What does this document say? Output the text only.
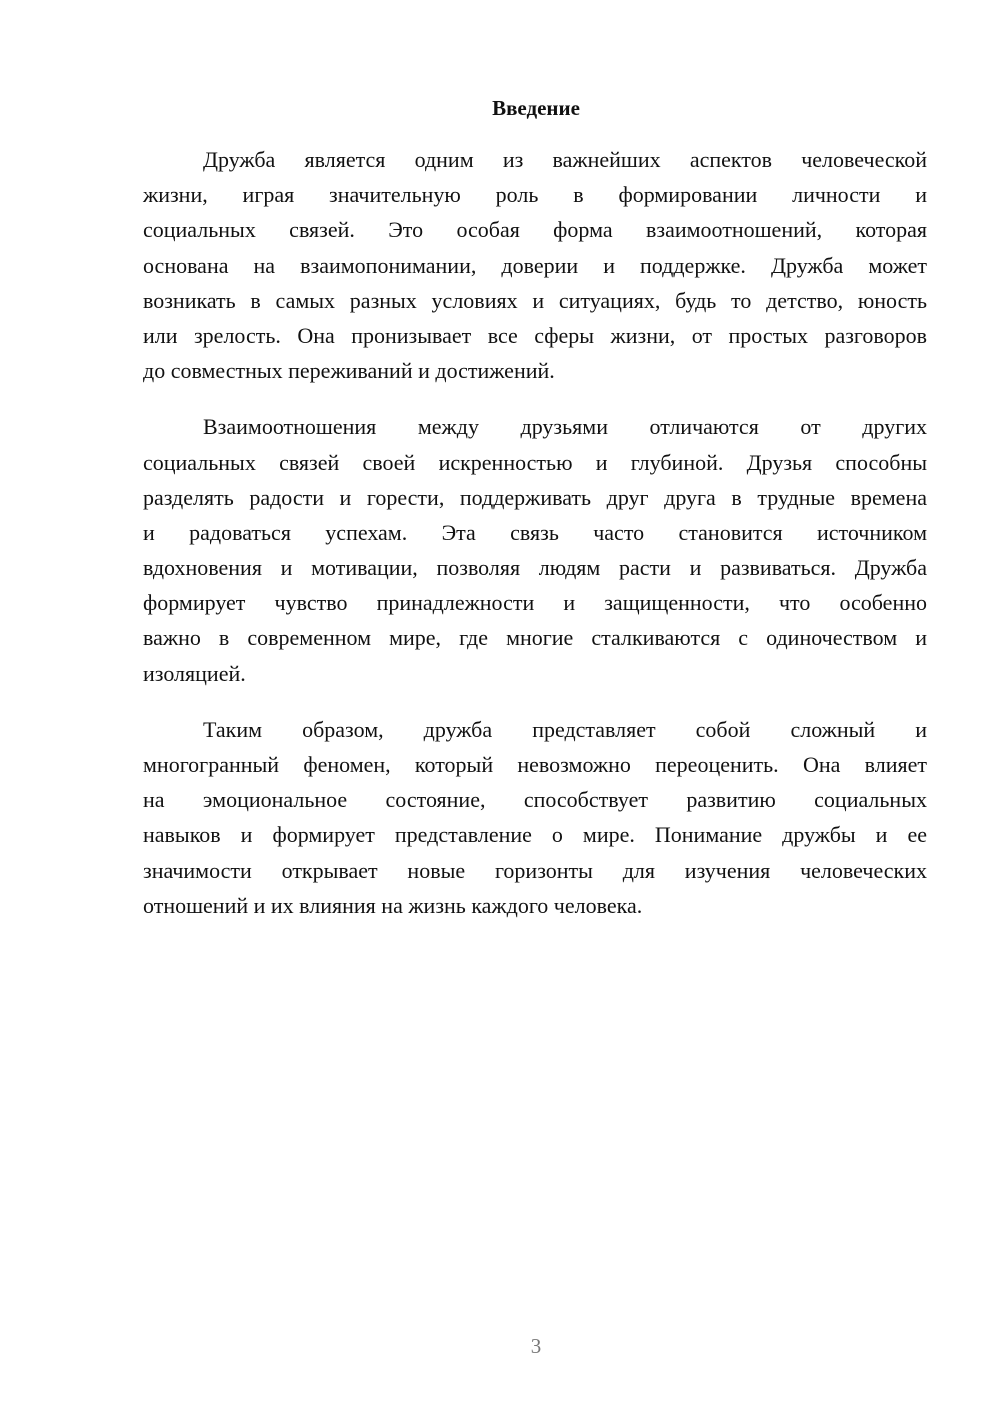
Введение
Дружба является одним из важнейших аспектов человеческой
жизни, играя значительную роль в формировании личности и
социальных связей. Это особая форма взаимоотношений, которая
основана на взаимопонимании, доверии и поддержке. Дружба может
возникать в самых разных условиях и ситуациях, будь то детство, юность
или зрелость. Она пронизывает все сферы жизни, от простых разговоров
до совместных переживаний и достижений.
Взаимоотношения между друзьями отличаются от других
социальных связей своей искренностью и глубиной. Друзья способны
разделять радости и горести, поддерживать друг друга в трудные времена
и радоваться успехам. Эта связь часто становится источником
вдохновения и мотивации, позволяя людям расти и развиваться. Дружба
формирует чувство принадлежности и защищенности, что особенно
важно в современном мире, где многие сталкиваются с одиночеством и
изоляцией.
Таким образом, дружба представляет собой сложный и
многогранный феномен, который невозможно переоценить. Она влияет
на эмоциональное состояние, способствует развитию социальных
навыков и формирует представление о мире. Понимание дружбы и ее
значимости открывает новые горизонты для изучения человеческих
отношений и их влияния на жизнь каждого человека.
3
